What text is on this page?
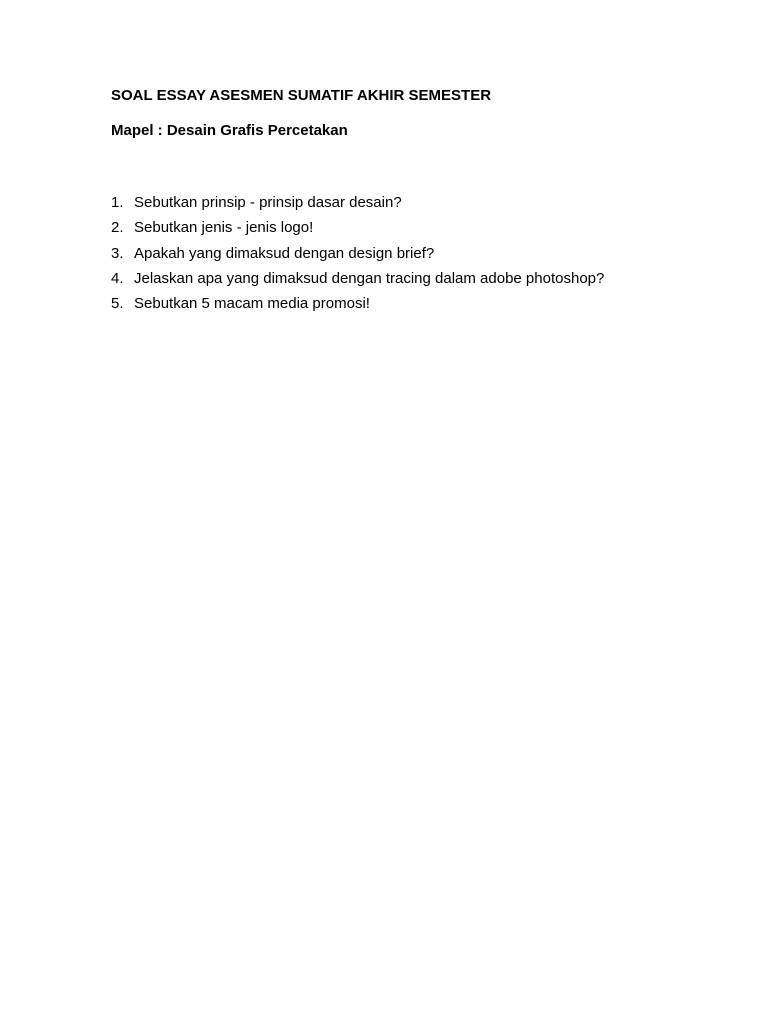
SOAL ESSAY ASESMEN SUMATIF AKHIR SEMESTER
Mapel : Desain Grafis Percetakan
1. Sebutkan prinsip - prinsip dasar desain?
2. Sebutkan jenis - jenis logo!
3. Apakah yang dimaksud dengan design brief?
4. Jelaskan apa yang dimaksud dengan tracing dalam adobe photoshop?
5. Sebutkan 5 macam media promosi!
